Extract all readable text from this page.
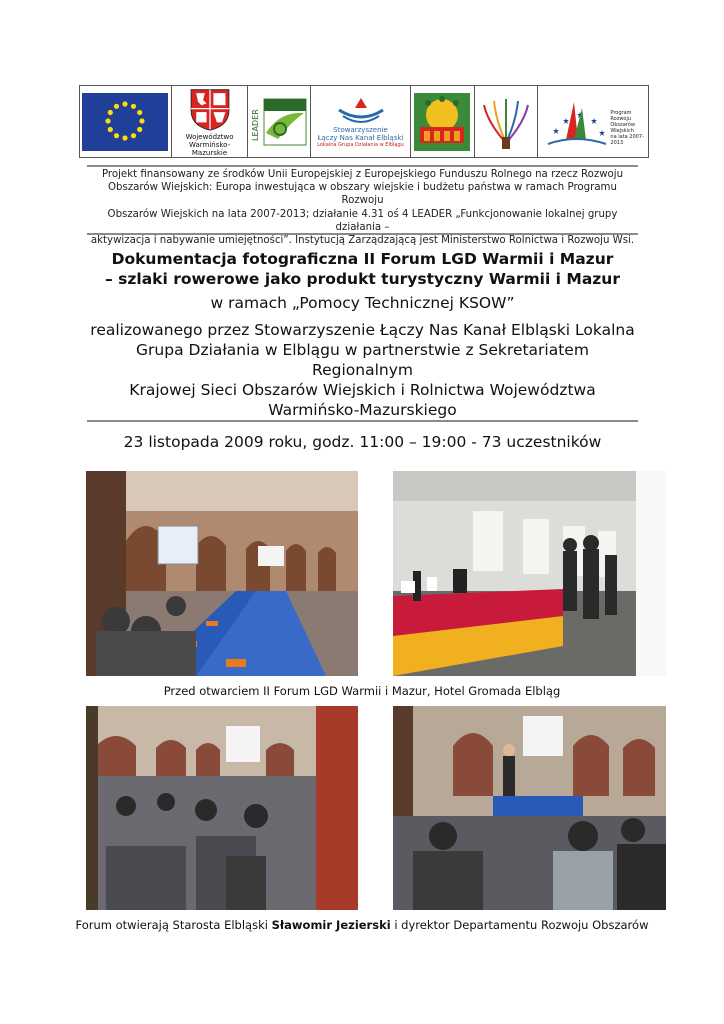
Województwo
Warmińsko-Mazurskie
LEADER	Stowarzyszenie
Łączy Nas Kanał Elbląski
Lokalna Grupa Działania w Elblągu
Program
Rozwoju
Obszarów
Wiejskich
na lata 2007-2013
Projekt finansowany ze środków Unii Europejskiej z Europejskiego Funduszu Rolnego na rzecz Rozwoju
Obszarów Wiejskich: Europa inwestująca w obszary wiejskie i budżetu państwa w ramach Programu Rozwoju
Obszarów Wiejskich na lata 2007-2013; działanie 4.31 oś 4 LEADER „Funkcjonowanie lokalnej grupy działania –
aktywizacja i nabywanie umiejętności”. Instytucją Zarządzającą jest Ministerstwo Rolnictwa i Rozwoju Wsi.
Dokumentacja fotograficzna II Forum LGD Warmii i Mazur
– szlaki rowerowe jako produkt turystyczny Warmii i Mazur
w ramach „Pomocy Technicznej KSOW”
realizowanego przez Stowarzyszenie Łączy Nas Kanał Elbląski Lokalna
Grupa Działania w Elblągu w partnerstwie z Sekretariatem Regionalnym
Krajowej Sieci Obszarów Wiejskich i Rolnictwa Województwa
Warmińsko-Mazurskiego
23 listopada 2009 roku, godz. 11:00 – 19:00 - 73 uczestników
Przed otwarciem II Forum LGD Warmii i Mazur, Hotel Gromada Elbląg
Forum otwierają Starosta Elbląski Sławomir Jezierski i dyrektor Departamentu Rozwoju Obszarów
